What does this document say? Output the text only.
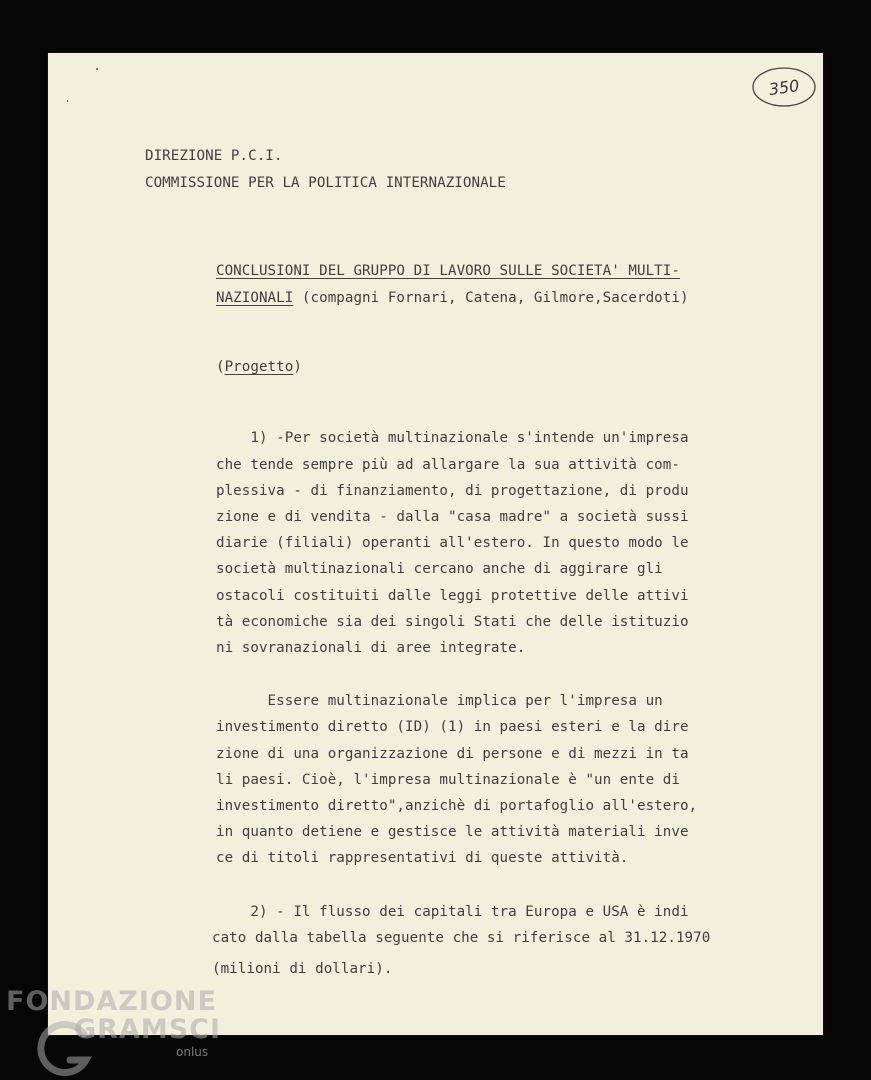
350
DIREZIONE P.C.I.
COMMISSIONE PER LA POLITICA INTERNAZIONALE
CONCLUSIONI DEL GRUPPO DI LAVORO SULLE SOCIETA' MULTI-
NAZIONALI (compagni Fornari, Catena, Gilmore,Sacerdoti)
(Progetto)
1) -Per società multinazionale s'intende un'impresa
che tende sempre più ad allargare la sua attività com-
plessiva - di finanziamento, di progettazione, di produ
zione e di vendita - dalla "casa madre" a società sussi
diarie (filiali) operanti all'estero. In questo modo le
società multinazionali cercano anche di aggirare gli
ostacoli costituiti dalle leggi protettive delle attivi
tà economiche sia dei singoli Stati che delle istituzio
ni sovranazionali di aree integrate.
Essere multinazionale implica per l'impresa un
investimento diretto (ID) (1) in paesi esteri e la dire
zione di una organizzazione di persone e di mezzi in ta
li paesi. Cioè, l'impresa multinazionale è "un ente di
investimento diretto",anzichè di portafoglio all'estero,
in quanto detiene e gestisce le attività materiali inve
ce di titoli rappresentativi di queste attività.
2) - Il flusso dei capitali tra Europa e USA è indi
cato dalla tabella seguente che si riferisce al 31.12.1970
(milioni di dollari).
FONDAZIONE
GRAMSCI
onlus
